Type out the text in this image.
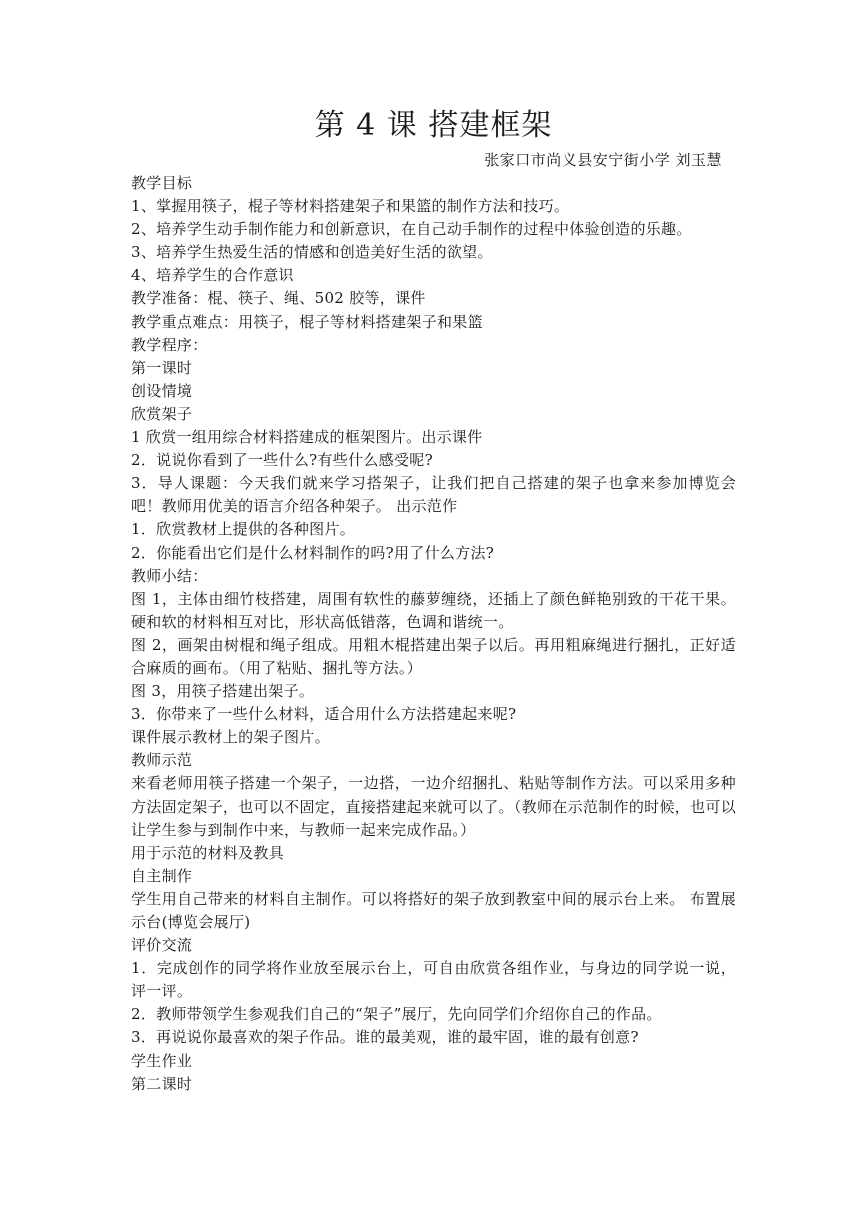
第 4 课 搭建框架

张家口市尚义县安宁街小学 刘玉慧

教学目标

1、掌握用筷子，棍子等材料搭建架子和果篮的制作方法和技巧。

2、培养学生动手制作能力和创新意识，在自己动手制作的过程中体验创造的乐趣。

3、培养学生热爱生活的情感和创造美好生活的欲望。

4、培养学生的合作意识

教学准备：棍、筷子、绳、502 胶等，课件

教学重点难点：用筷子，棍子等材料搭建架子和果篮

教学程序：

第一课时

创设情境

欣赏架子

1 欣赏一组用综合材料搭建成的框架图片。出示课件

2．说说你看到了一些什么?有些什么感受呢?

3．导人课题：今天我们就来学习搭架子，让我们把自己搭建的架子也拿来参加博览会吧！教师用优美的语言介绍各种架子。 出示范作

1．欣赏教材上提供的各种图片。

2．你能看出它们是什么材料制作的吗?用了什么方法?

教师小结：

图 1，主体由细竹枝搭建，周围有软性的藤萝缠绕，还插上了颜色鲜艳别致的干花干果。硬和软的材料相互对比，形状高低错落，色调和谐统一。

图 2，画架由树棍和绳子组成。用粗木棍搭建出架子以后。再用粗麻绳进行捆扎，正好适合麻质的画布。（用了粘贴、捆扎等方法。）

图 3，用筷子搭建出架子。

3．你带来了一些什么材料，适合用什么方法搭建起来呢?

课件展示教材上的架子图片。

教师示范

来看老师用筷子搭建一个架子，一边搭，一边介绍捆扎、粘贴等制作方法。可以采用多种方法固定架子，也可以不固定，直接搭建起来就可以了。（教师在示范制作的时候，也可以让学生参与到制作中来，与教师一起来完成作品。）

用于示范的材料及教具

自主制作

学生用自己带来的材料自主制作。可以将搭好的架子放到教室中间的展示台上来。 布置展示台(博览会展厅)

评价交流

1．完成创作的同学将作业放至展示台上，可自由欣赏各组作业，与身边的同学说一说，评一评。

2．教师带领学生参观我们自己的“架子”展厅，先向同学们介绍你自己的作品。

3．再说说你最喜欢的架子作品。谁的最美观，谁的最牢固，谁的最有创意?

学生作业

第二课时
